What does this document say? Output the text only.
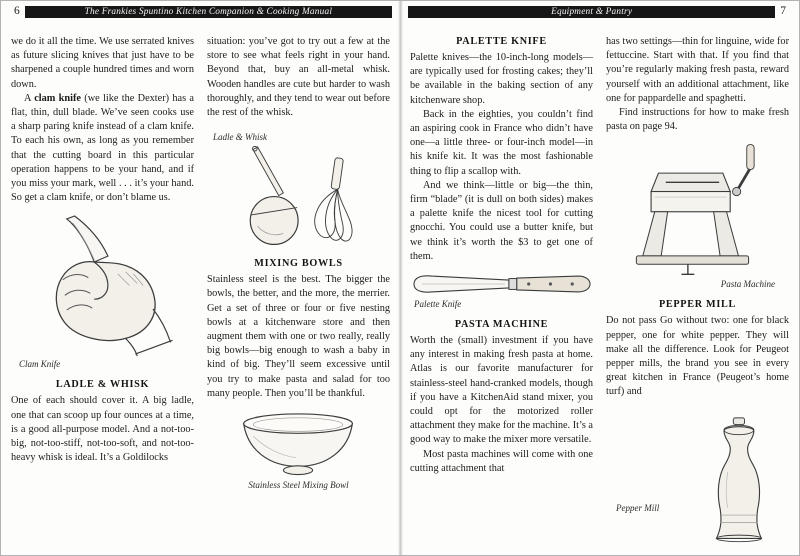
6	The Frankies Spuntino Kitchen Companion & Cooking Manual

we do it all the time. We use serrated knives as future slicing knives that just have to be sharpened a couple hundred times and worn down.

A clam knife (we like the Dexter) has a flat, thin, dull blade. We’ve seen cooks use a sharp paring knife instead of a clam knife. To each his own, as long as you remember that the cutting board in this particular operation happens to be your hand, and if you miss your mark, well . . . it’s your hand. So get a clam knife, or don’t blame us.

Clam Knife
LADLE & WHISK

One of each should cover it. A big ladle, one that can scoop up four ounces at a time, is a good all-purpose model. And a not-too-big, not-too-stiff, not-too-soft, and not-too-heavy whisk is ideal. It’s a Goldilocks

situation: you’ve got to try out a few at the store to see what feels right in your hand. Beyond that, buy an all-metal whisk. Wooden handles are cute but harder to wash thoroughly, and they tend to wear out before the rest of the whisk.

Ladle & Whisk
MIXING BOWLS

Stainless steel is the best. The bigger the bowls, the better, and the more, the merrier. Get a set of three or four or five nesting bowls at a kitchenware store and then augment them with one or two really, really big bowls—big enough to wash a baby in kind of big. They’ll seem excessive until you try to make pasta and salad for too many people. Then you’ll be thankful.

Stainless Steel Mixing Bowl
Equipment & Pantry	7
PALETTE KNIFE

Palette knives—the 10-inch-long models—are typically used for frosting cakes; they’ll be available in the baking section of any kitchenware shop.

Back in the eighties, you couldn’t find an aspiring cook in France who didn’t have one—a little three- or four-inch model—in his knife kit. It was the most fashionable thing to flip a scallop with.

And we think—little or big—the thin, firm “blade” (it is dull on both sides) makes a palette knife the nicest tool for cutting gnocchi. You could use a butter knife, but we think it’s worth the $3 to get one of them.

Palette Knife
PASTA MACHINE

Worth the (small) investment if you have any interest in making fresh pasta at home. Atlas is our favorite manufacturer for stainless-steel hand-cranked models, though if you have a KitchenAid stand mixer, you could opt for the motorized roller attachment they make for the machine. It’s a good way to make the mixer more versatile.

Most pasta machines will come with one cutting attachment that

has two settings—thin for linguine, wide for fettuccine. Start with that. If you find that you’re regularly making fresh pasta, reward yourself with an additional attachment, like one for pappardelle and spaghetti.

Find instructions for how to make fresh pasta on page 94.

Pasta Machine
PEPPER MILL

Do not pass Go without two: one for black pepper, one for white pepper. They will make all the difference. Look for Peugeot pepper mills, the brand you see in every great kitchen in France (Peugeot’s home turf) and

Pepper Mill
